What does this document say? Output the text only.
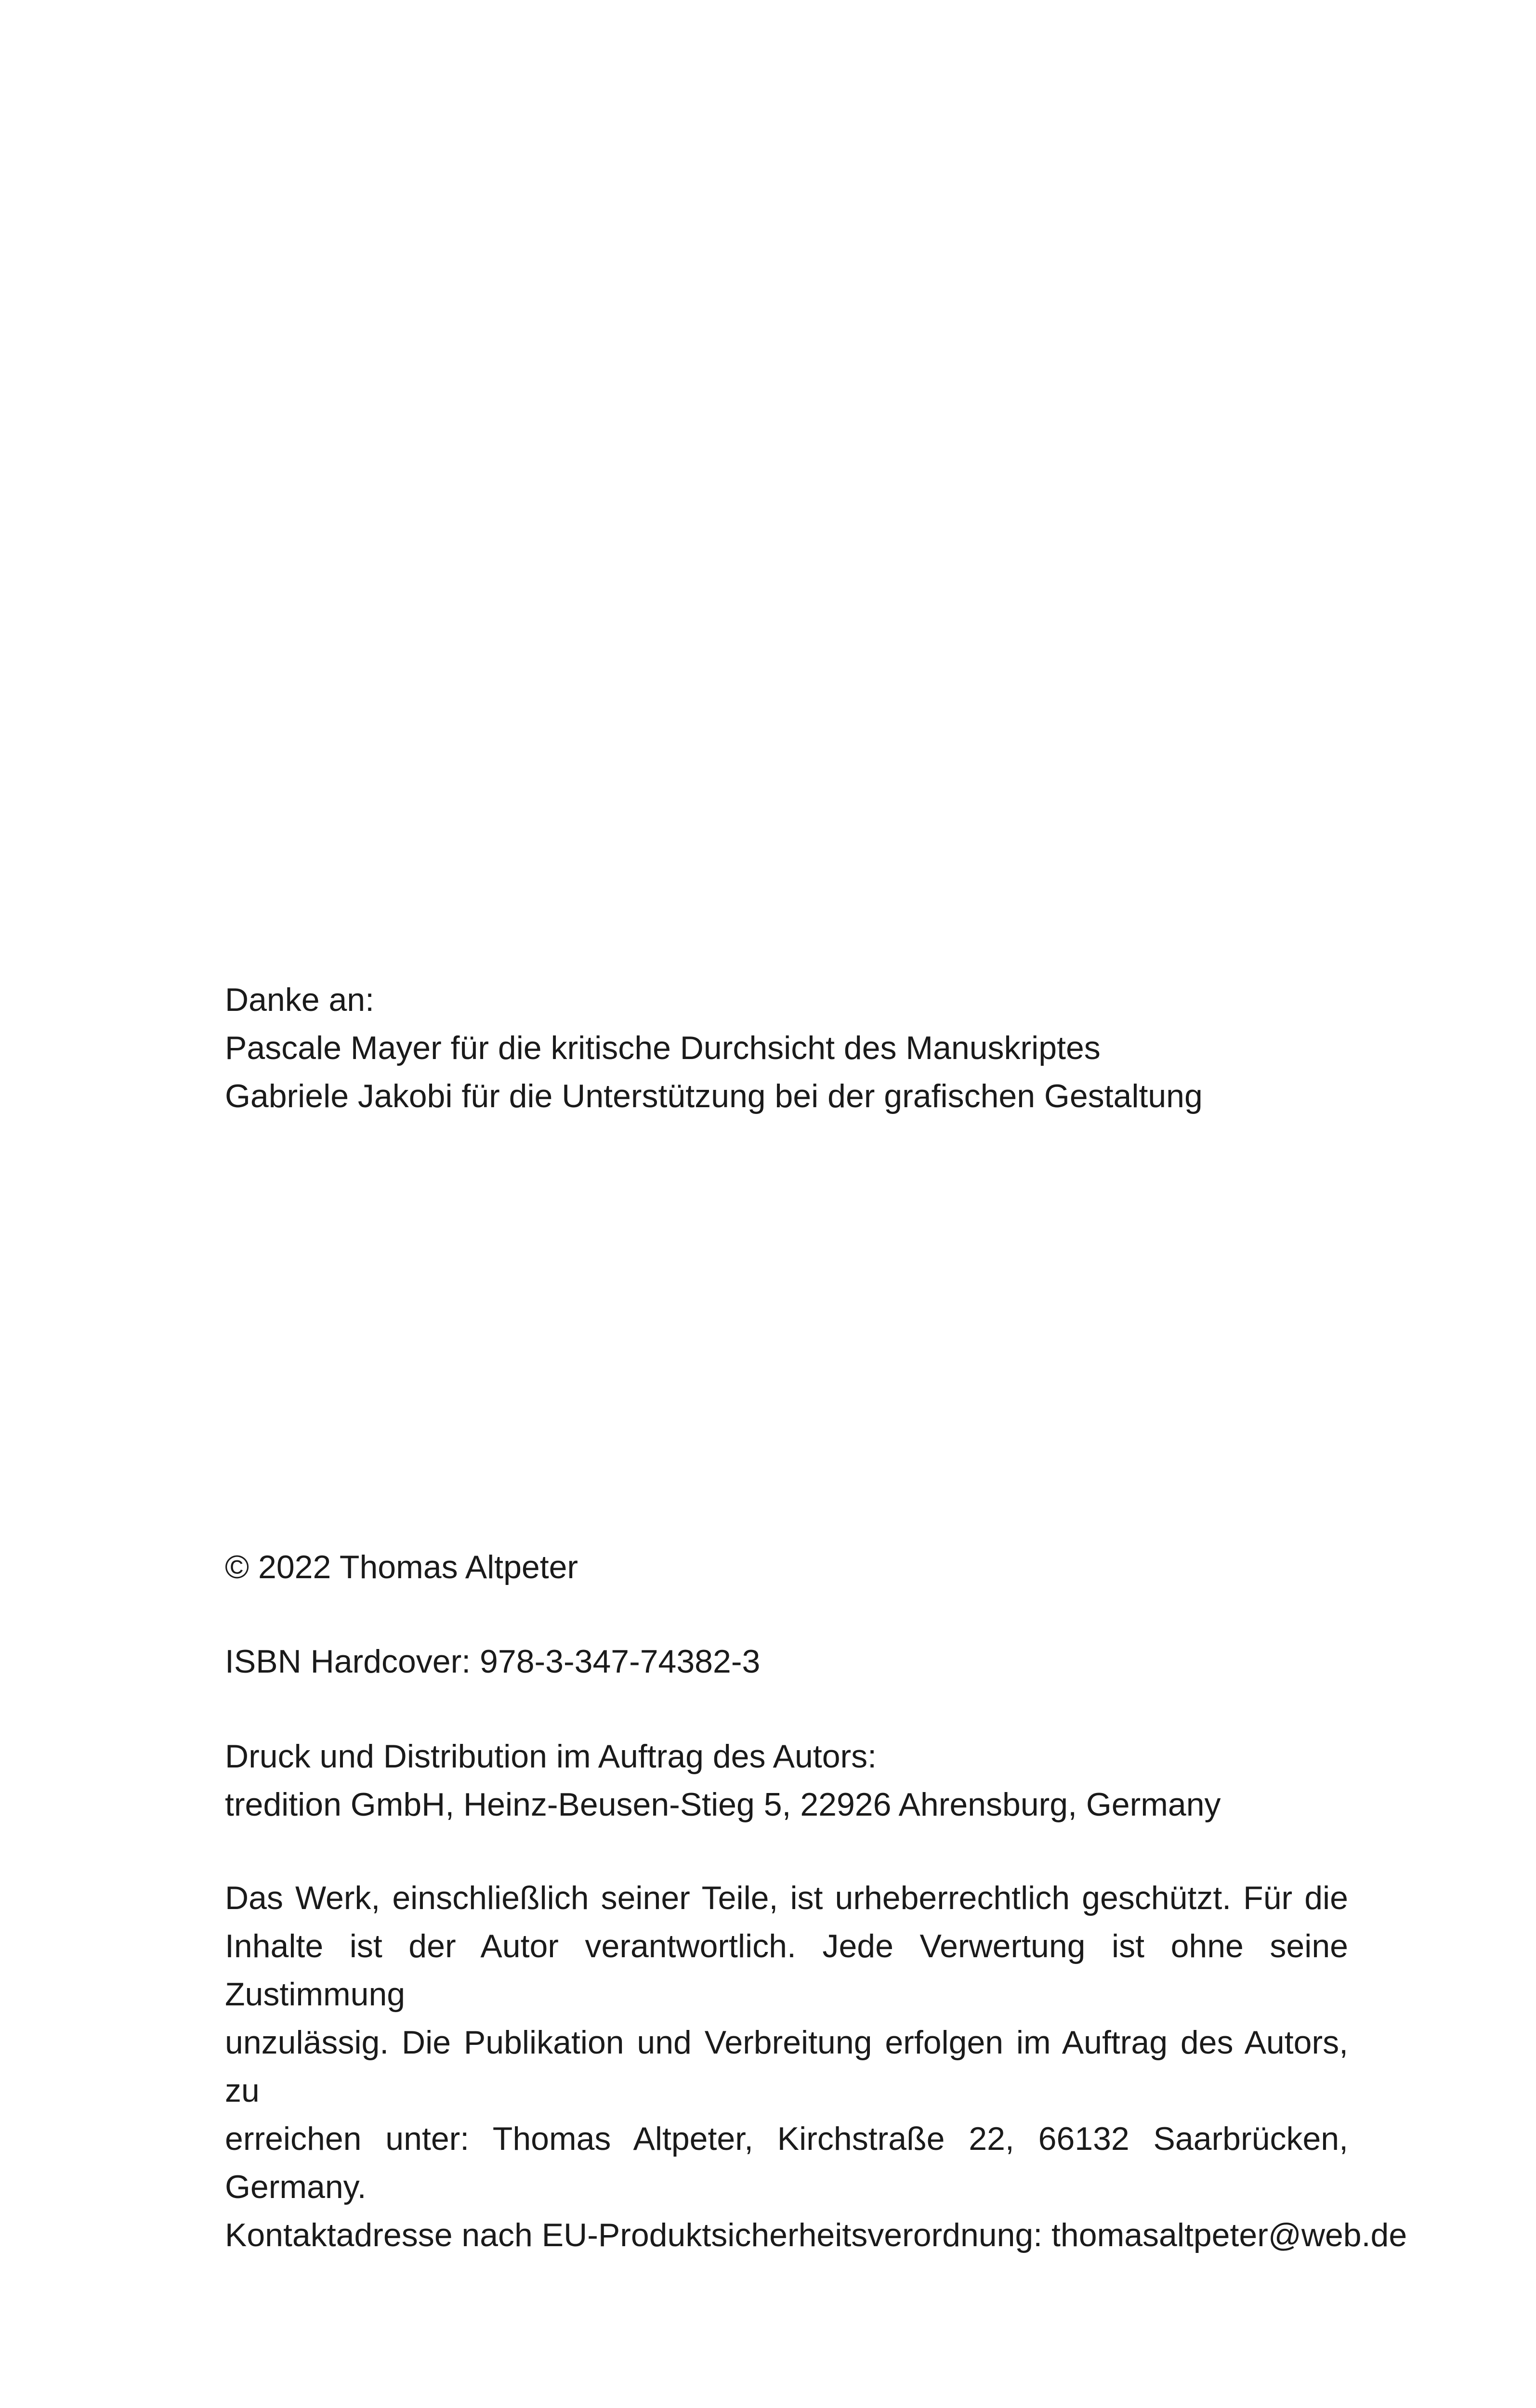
Danke an:

Pascale Mayer für die kritische Durchsicht des Manuskriptes

Gabriele Jakobi für die Unterstützung bei der grafischen Gestaltung

© 2022 Thomas Altpeter

ISBN Hardcover: 978-3-347-74382-3

Druck und Distribution im Auftrag des Autors:

tredition GmbH, Heinz-Beusen-Stieg 5, 22926 Ahrensburg, Germany

Das Werk, einschließlich seiner Teile, ist urheberrechtlich geschützt. Für die

Inhalte ist der Autor verantwortlich. Jede Verwertung ist ohne seine Zustimmung

unzulässig. Die Publikation und Verbreitung erfolgen im Auftrag des Autors, zu

erreichen unter: Thomas Altpeter, Kirchstraße 22, 66132 Saarbrücken, Germany.

Kontaktadresse nach EU-Produktsicherheitsverordnung: thomasaltpeter@web.de
